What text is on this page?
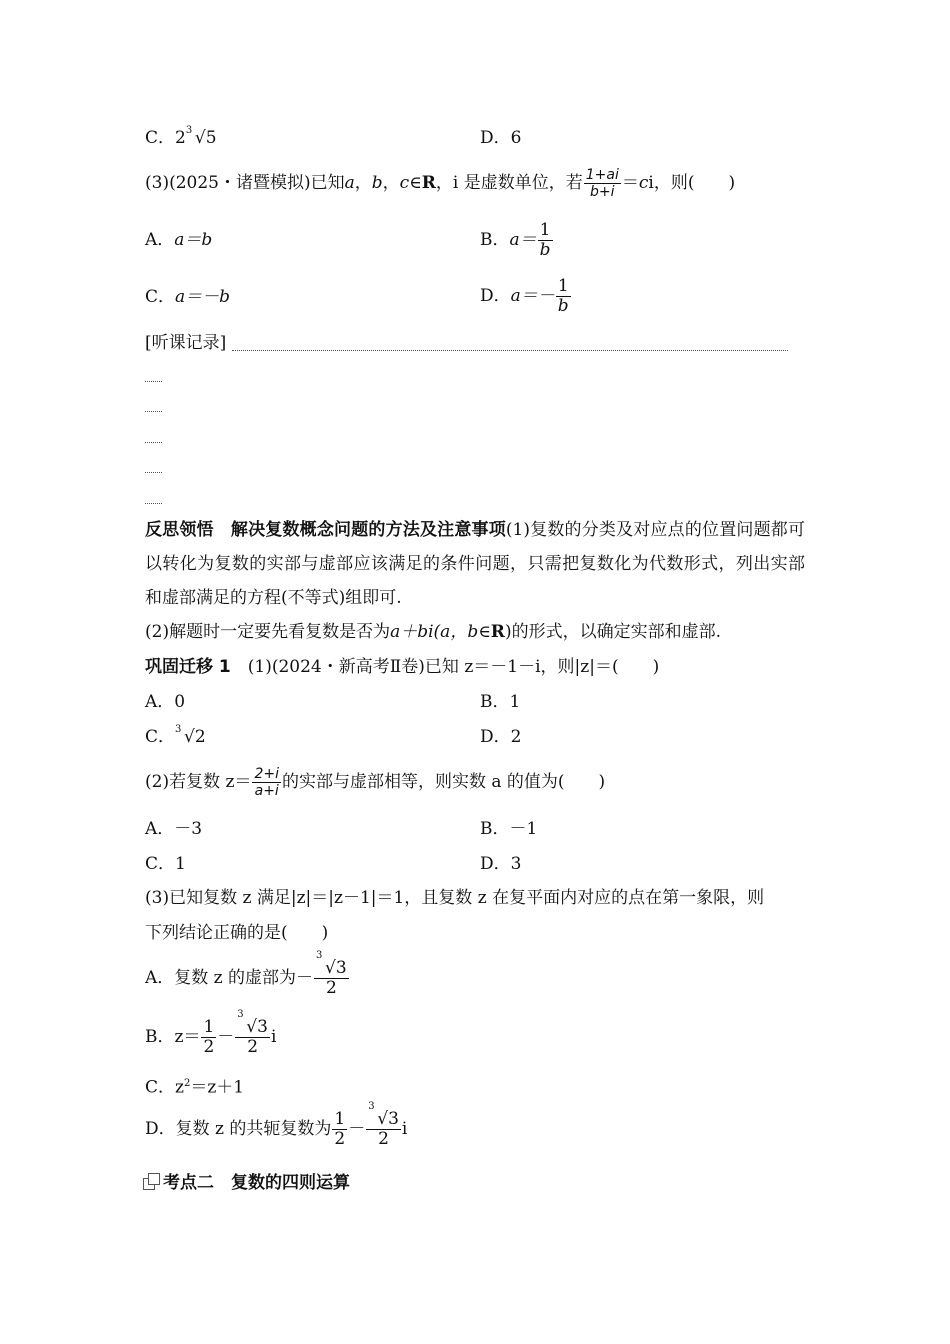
C．2 3 √5	D．6
(3)(2025・诸暨模拟)已知a，b，c∈R，i 是虚数单位，若 $\frac{1+ai}{b+i} =ci$，则(　　)
A．a＝b	B．$a= \frac{1}{b}$
C．a＝－b	D．$a=- \frac{1}{b}$
[听课记录]
反思领悟　解决复数概念问题的方法及注意事项(1)复数的分类及对应点的位置问题都可以转化为复数的实部与虚部应该满足的条件问题，只需把复数化为代数形式，列出实部和虚部满足的方程(不等式)组即可.
(2)解题时一定要先看复数是否为a＋bi(a，b∈R)的形式，以确定实部和虚部.
巩固迁移 1　(1)(2024・新高考Ⅱ卷)已知 z＝－1－i，则|z|＝(　　)
A．0	B．1
C． 3 √2	D．2
(2)若复数 $z= \frac{2+i}{a+i}$ 的实部与虚部相等，则实数 a 的值为(　　)
A．－3	B．－1
C．1	D．3
(3)已知复数 z 满足|z|＝|z－1|＝1，且复数 z 在复平面内对应的点在第一象限，则
下列结论正确的是(　　)
A．复数 z 的虚部为－ 3
√3
2
B．$z= \frac{1}{2} - 3$
√3
2 i
C．$z^2=z+1$
D．复数 z 的共轭复数为 $\frac{1}{2} - 3$
√3
2 i
考点二　复数的四则运算
